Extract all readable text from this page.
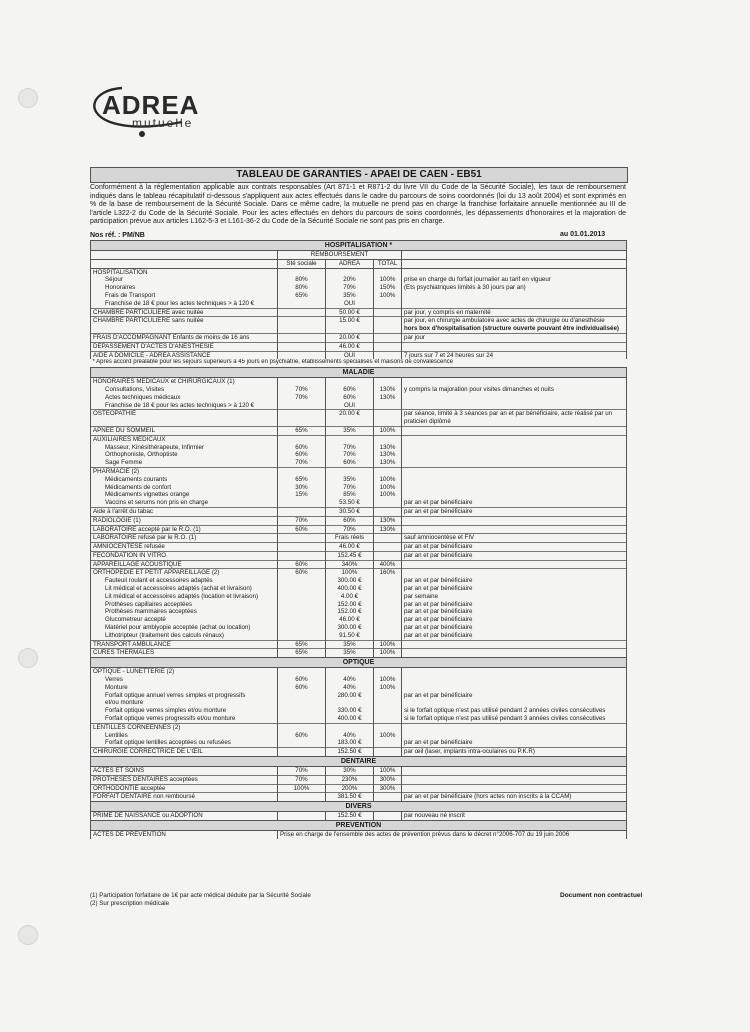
ADREA
mutuelle
TABLEAU DE GARANTIES - APAEI DE CAEN - EB51
Conformément à la réglementation applicable aux contrats responsables (Art 871-1 et R871-2 du livre VII du Code de la Sécurité Sociale), les taux de remboursement indiqués dans le tableau récapitulatif ci-dessous s'appliquent aux actes effectués dans le cadre du parcours de soins coordonnés (loi du 13 août 2004) et sont exprimés en % de la base de remboursement de la Sécurité Sociale. Dans ce même cadre, la mutuelle ne prend pas en charge la franchise forfaitaire annuelle mentionnée au III de l'article L322-2 du Code de la Sécurité Sociale. Pour les actes effectués en dehors du parcours de soins coordonnés, les dépassements d'honoraires et la majoration de participation prévue aux articles L162-5-3 et L161-36-2 du Code de la Sécurité Sociale ne sont pas pris en charge.
Nos réf. : PM/NB	au 01.01.2013
HOSPITALISATION *				
	REMBOURSEMENT			
	Sté sociale	ADREA	TOTAL	
HOSPITALISATION				
Séjour	80%	20%	100%	prise en charge du forfait journalier au tarif en vigueur
Honoraires	80%	70%	150%	(Ets psychiatriques limités à 30 jours par an)
Frais de Transport	65%	35%	100%	
Franchise de 18 € pour les actes techniques > à 120 €		OUI		
CHAMBRE PARTICULIERE avec nuitée		50.00 €		par jour, y compris en maternité
CHAMBRE PARTICULIERE sans nuitée		15.00 €		par jour, en chirurgie ambulatoire avec actes de chirurgie ou d'anesthésie
				hors box d'hospitalisation (structure ouverte pouvant être individualisée)
FRAIS D'ACCOMPAGNANT Enfants de moins de 16 ans		20.00 €		par jour
DEPASSEMENT D'ACTES D'ANESTHESIE		46.00 €		
AIDE A DOMICILE - ADREA ASSISTANCE		OUI		7 jours sur 7 et 24 heures sur 24
* Après accord préalable pour les séjours supérieurs à 45 jours en psychiatrie, établissements spécialisés et maisons de convalescence				
MALADIE				
HONORAIRES MEDICAUX et CHIRURGICAUX (1)				
Consultations, Visites	70%	60%	130%	y compris la majoration pour visites dimanches et nuits
Actes techniques médicaux	70%	60%	130%	
Franchise de 18 € pour les actes techniques > à 120 €		OUI		
OSTEOPATHIE		20.00 €		par séance, limité à 3 séances par an et par bénéficiaire, acte réalisé par un
				praticien diplômé
APNEE DU SOMMEIL	65%	35%	100%	
AUXILIAIRES MEDICAUX				
Masseur, Kinésithérapeute, Infirmier	60%	70%	130%	
Orthophoniste, Orthoptiste	60%	70%	130%	
Sage Femme	70%	60%	130%	
PHARMACIE (2)				
Médicaments courants	65%	35%	100%	
Médicaments de confort	30%	70%	100%	
Médicaments vignettes orange	15%	85%	100%	
Vaccins et serums non pris en charge		53.50 €		par an et par bénéficiaire
Aide à l'arrêt du tabac		30.50 €		par an et par bénéficiaire
RADIOLOGIE (1)	70%	60%	130%	
LABORATOIRE accepté par le R.O. (1)	60%	70%	130%	
LABORATOIRE refusé par le R.O. (1)		Frais réels		sauf amniocentèse et FIV
AMNIOCENTESE refusée		46.00 €		par an et par bénéficiaire
FECONDATION IN VITRO		152.45 €		par an et par bénéficiaire
APPAREILLAGE ACOUSTIQUE	60%	340%	400%	
ORTHOPEDIE ET PETIT APPAREILLAGE (2)	60%	100%	160%	
Fauteuil roulant et accessoires adaptés		300.00 €		par an et par bénéficiaire
Lit médical et accessoires adaptés (achat et livraison)		400.00 €		par an et par bénéficiaire
Lit médical et accessoires adaptés (location et livraison)		4.00 €		par semaine
Prothèses capillaires acceptées		152.00 €		par an et par bénéficiaire
Prothèses mammaires acceptées		152.00 €		par an et par bénéficiaire
Glucometreur accepté		46.00 €		par an et par bénéficiaire
Matériel pour amblyopie acceptée (achat ou location)		300.00 €		par an et par bénéficiaire
Lithotripteur (traitement des calculs rénaux)		91.50 €		par an et par bénéficiaire
TRANSPORT AMBULANCE	65%	35%	100%	
CURES THERMALES	65%	35%	100%	
OPTIQUE				
OPTIQUE - LUNETTERIE (2)				
Verres	60%	40%	100%	
Monture	60%	40%	100%	
Forfait optique annuel verres simples et progressifs		280.00 €		par an et par bénéficiaire
et/ou monture				
Forfait optique verres simples et/ou monture		330.00 €		si le forfait optique n'est pas utilisé pendant 2 années civiles consécutives
Forfait optique verres progressifs et/ou monture		400.00 €		si le forfait optique n'est pas utilisé pendant 3 années civiles consécutives
LENTILLES CORNEENNES (2)				
Lentilles	60%	40%	100%	
Forfait optique lentilles acceptées ou refusées		183.00 €		par an et par bénéficiaire
CHIRURGIE CORRECTRICE DE L'ŒIL		152.50 €		par œil (laser, implants intra-oculaires ou P.K.R)
DENTAIRE				
ACTES ET SOINS	70%	30%	100%	
PROTHESES DENTAIRES acceptées	70%	230%	300%	
ORTHODONTIE acceptée	100%	200%	300%	
FORFAIT DENTAIRE non remboursé		381.50 €		par an et par bénéficiaire (hors actes non inscrits à la CCAM)
DIVERS				
PRIME DE NAISSANCE ou ADOPTION		152.50 €		par nouveau né inscrit
PREVENTION				
ACTES DE PREVENTION	Prise en charge de l'ensemble des actes de prévention prévus dans le décret n°2006-707 du 19 juin 2006			
(1) Participation forfaitaire de 1€ par acte médical déduite par la Sécurité Sociale
(2) Sur prescription médicale
Document non contractuel
